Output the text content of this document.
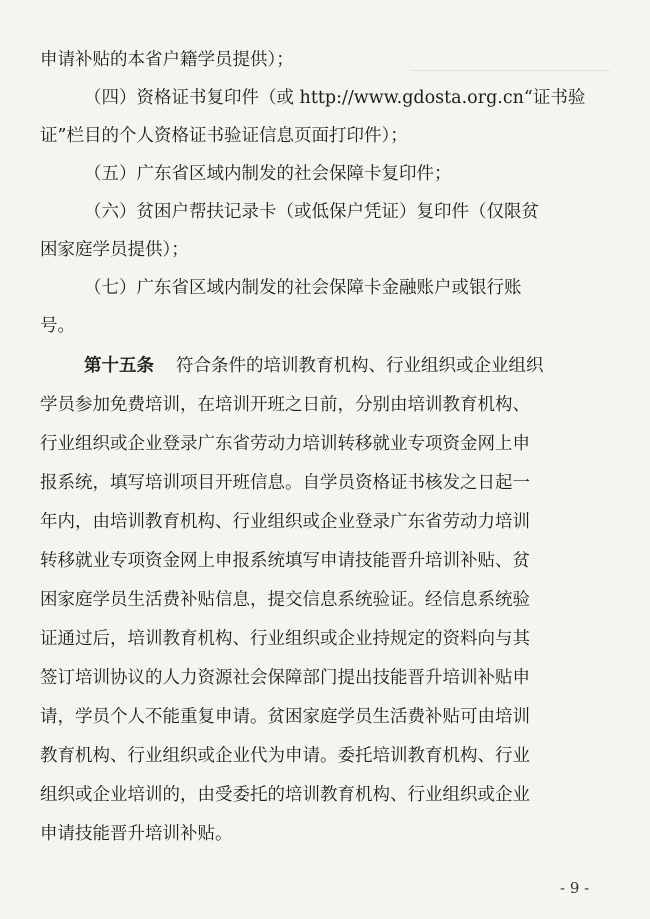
申请补贴的本省户籍学员提供）；
（四）资格证书复印件（或 http://www.gdosta.org.cn“证书验
证”栏目的个人资格证书验证信息页面打印件）；
（五）广东省区域内制发的社会保障卡复印件；
（六）贫困户帮扶记录卡（或低保户凭证）复印件（仅限贫
困家庭学员提供）；
（七）广东省区域内制发的社会保障卡金融账户或银行账
号。
第十五条 符合条件的培训教育机构、行业组织或企业组织
学员参加免费培训，在培训开班之日前，分别由培训教育机构、
行业组织或企业登录广东省劳动力培训转移就业专项资金网上申
报系统，填写培训项目开班信息。自学员资格证书核发之日起一
年内，由培训教育机构、行业组织或企业登录广东省劳动力培训
转移就业专项资金网上申报系统填写申请技能晋升培训补贴、贫
困家庭学员生活费补贴信息，提交信息系统验证。经信息系统验
证通过后，培训教育机构、行业组织或企业持规定的资料向与其
签订培训协议的人力资源社会保障部门提出技能晋升培训补贴申
请，学员个人不能重复申请。贫困家庭学员生活费补贴可由培训
教育机构、行业组织或企业代为申请。委托培训教育机构、行业
组织或企业培训的，由受委托的培训教育机构、行业组织或企业
申请技能晋升培训补贴。
- 9 -
